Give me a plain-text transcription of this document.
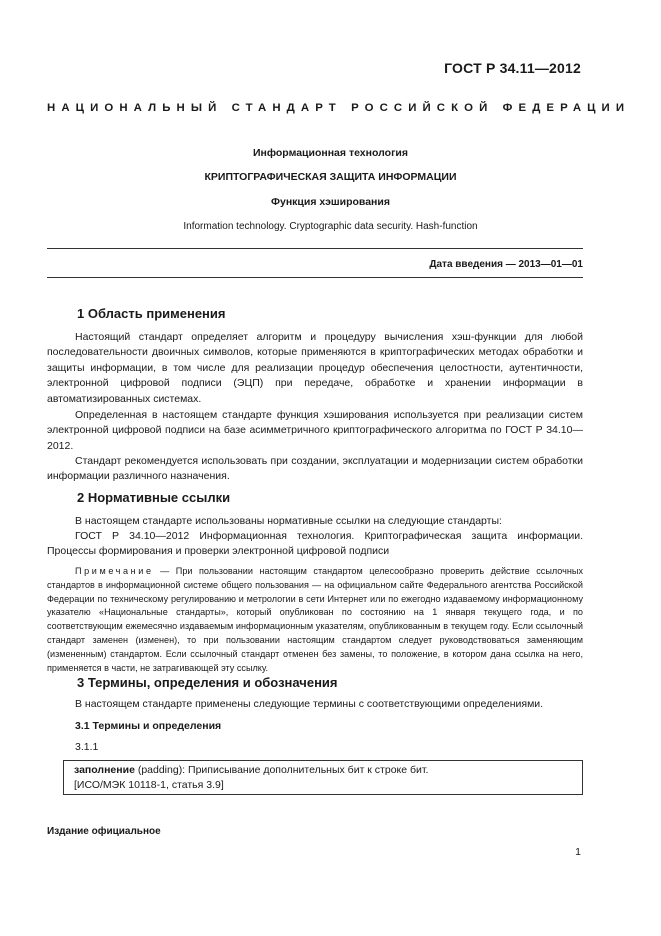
ГОСТ Р 34.11—2012
НАЦИОНАЛЬНЫЙ СТАНДАРТ РОССИЙСКОЙ ФЕДЕРАЦИИ
Информационная технология
КРИПТОГРАФИЧЕСКАЯ ЗАЩИТА ИНФОРМАЦИИ
Функция хэширования
Information technology. Cryptographic data security. Hash-function
Дата введения — 2013—01—01
1 Область применения
Настоящий стандарт определяет алгоритм и процедуру вычисления хэш-функции для любой последовательности двоичных символов, которые применяются в криптографических методах обработки и защиты информации, в том числе для реализации процедур обеспечения целостности, аутентичности, электронной цифровой подписи (ЭЦП) при передаче, обработке и хранении информации в автоматизированных системах.
Определенная в настоящем стандарте функция хэширования используется при реализации систем электронной цифровой подписи на базе асимметричного криптографического алгоритма по ГОСТ Р 34.10—2012.
Стандарт рекомендуется использовать при создании, эксплуатации и модернизации систем обработки информации различного назначения.
2 Нормативные ссылки
В настоящем стандарте использованы нормативные ссылки на следующие стандарты:
ГОСТ Р 34.10—2012 Информационная технология. Криптографическая защита информации. Процессы формирования и проверки электронной цифровой подписи
Примечание — При пользовании настоящим стандартом целесообразно проверить действие ссылочных стандартов в информационной системе общего пользования — на официальном сайте Федерального агентства Российской Федерации по техническому регулированию и метрологии в сети Интернет или по ежегодно издаваемому информационному указателю «Национальные стандарты», который опубликован по состоянию на 1 января текущего года, и по соответствующим ежемесячно издаваемым информационным указателям, опубликованным в текущем году. Если ссылочный стандарт заменен (изменен), то при пользовании настоящим стандартом следует руководствоваться заменяющим (измененным) стандартом. Если ссылочный стандарт отменен без замены, то положение, в котором дана ссылка на него, применяется в части, не затрагивающей эту ссылку.
3 Термины, определения и обозначения
В настоящем стандарте применены следующие термины с соответствующими определениями.
3.1 Термины и определения
3.1.1
заполнение (padding): Приписывание дополнительных бит к строке бит.
[ИСО/МЭК 10118-1, статья 3.9]
Издание официальное
1
